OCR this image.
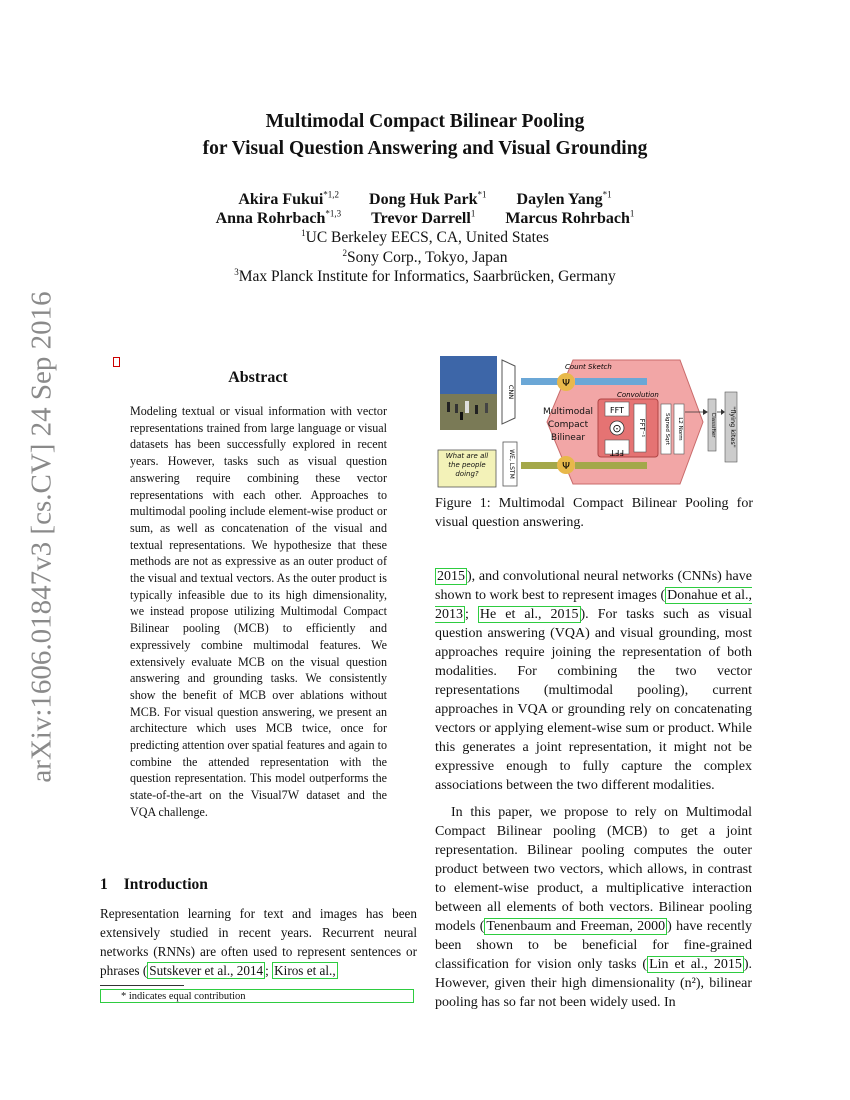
Multimodal Compact Bilinear Pooling
for Visual Question Answering and Visual Grounding
Akira Fukui$^{*1,2}$ Dong Huk Park$^{*1}$ Daylen Yang$^{*1}$
Anna Rohrbach$^{*1,3}$ Trevor Darrell$^1$ Marcus Rohrbach$^1$
$^1$UC Berkeley EECS, CA, United States
$^2$Sony Corp., Tokyo, Japan
$^3$Max Planck Institute for Informatics, Saarbrücken, Germany
arXiv:1606.01847v3 [cs.CV] 24 Sep 2016	Abstract
Modeling textual or visual information with vector representations trained from large language or visual datasets has been successfully explored in recent years. However, tasks such as visual question answering require combining these vector representations with each other. Approaches to multimodal pooling include element-wise product or sum, as well as concatenation of the visual and textual representations. We hypothesize that these methods are not as expressive as an outer product of the visual and textual vectors. As the outer product is typically infeasible due to its high dimensionality, we instead propose utilizing Multimodal Compact Bilinear pooling (MCB) to efficiently and expressively combine multimodal features. We extensively evaluate MCB on the visual question answering and grounding tasks. We consistently show the benefit of MCB over ablations without MCB. For visual question answering, we present an architecture which uses MCB twice, once for predicting attention over spatial features and again to combine the attended representation with the question representation. This model outperforms the state-of-the-art on the Visual7W dataset and the VQA challenge.
1 Introduction
Representation learning for text and images has been extensively studied in recent years. Recurrent neural networks (RNNs) are often used to represent sentences or phrases ( Sutskever et al., 2014 ; Kiros et al.,
* indicates equal contribution
CNN
What are all the people doing?	WE, LSTM
Count Sketch
Ψ
Ψ
Convolution
Multimodal Compact Bilinear
FFT
FFT
⊙ FFT⁻¹	Signed Sqrt L2 Norm	Classifier "flying kites"
Figure 1: Multimodal Compact Bilinear Pooling for visual question answering.

2015 ), and convolutional neural networks (CNNs) have shown to work best to represent images ( Donahue et al., 2013 ; He et al., 2015 ). For tasks such as visual question answering (VQA) and visual grounding, most approaches require joining the representation of both modalities. For combining the two vector representations (multimodal pooling), current approaches in VQA or grounding rely on concatenating vectors or applying element-wise sum or product. While this generates a joint representation, it might not be expressive enough to fully capture the complex associations between the two different modalities.

In this paper, we propose to rely on Multimodal Compact Bilinear pooling (MCB) to get a joint representation. Bilinear pooling computes the outer product between two vectors, which allows, in contrast to element-wise product, a multiplicative interaction between all elements of both vectors. Bilinear pooling models ( Tenenbaum and Freeman, 2000 ) have recently been shown to be beneficial for fine-grained classification for vision only tasks ( Lin et al., 2015 ). However, given their high dimensionality (n²), bilinear pooling has so far not been widely used. In
